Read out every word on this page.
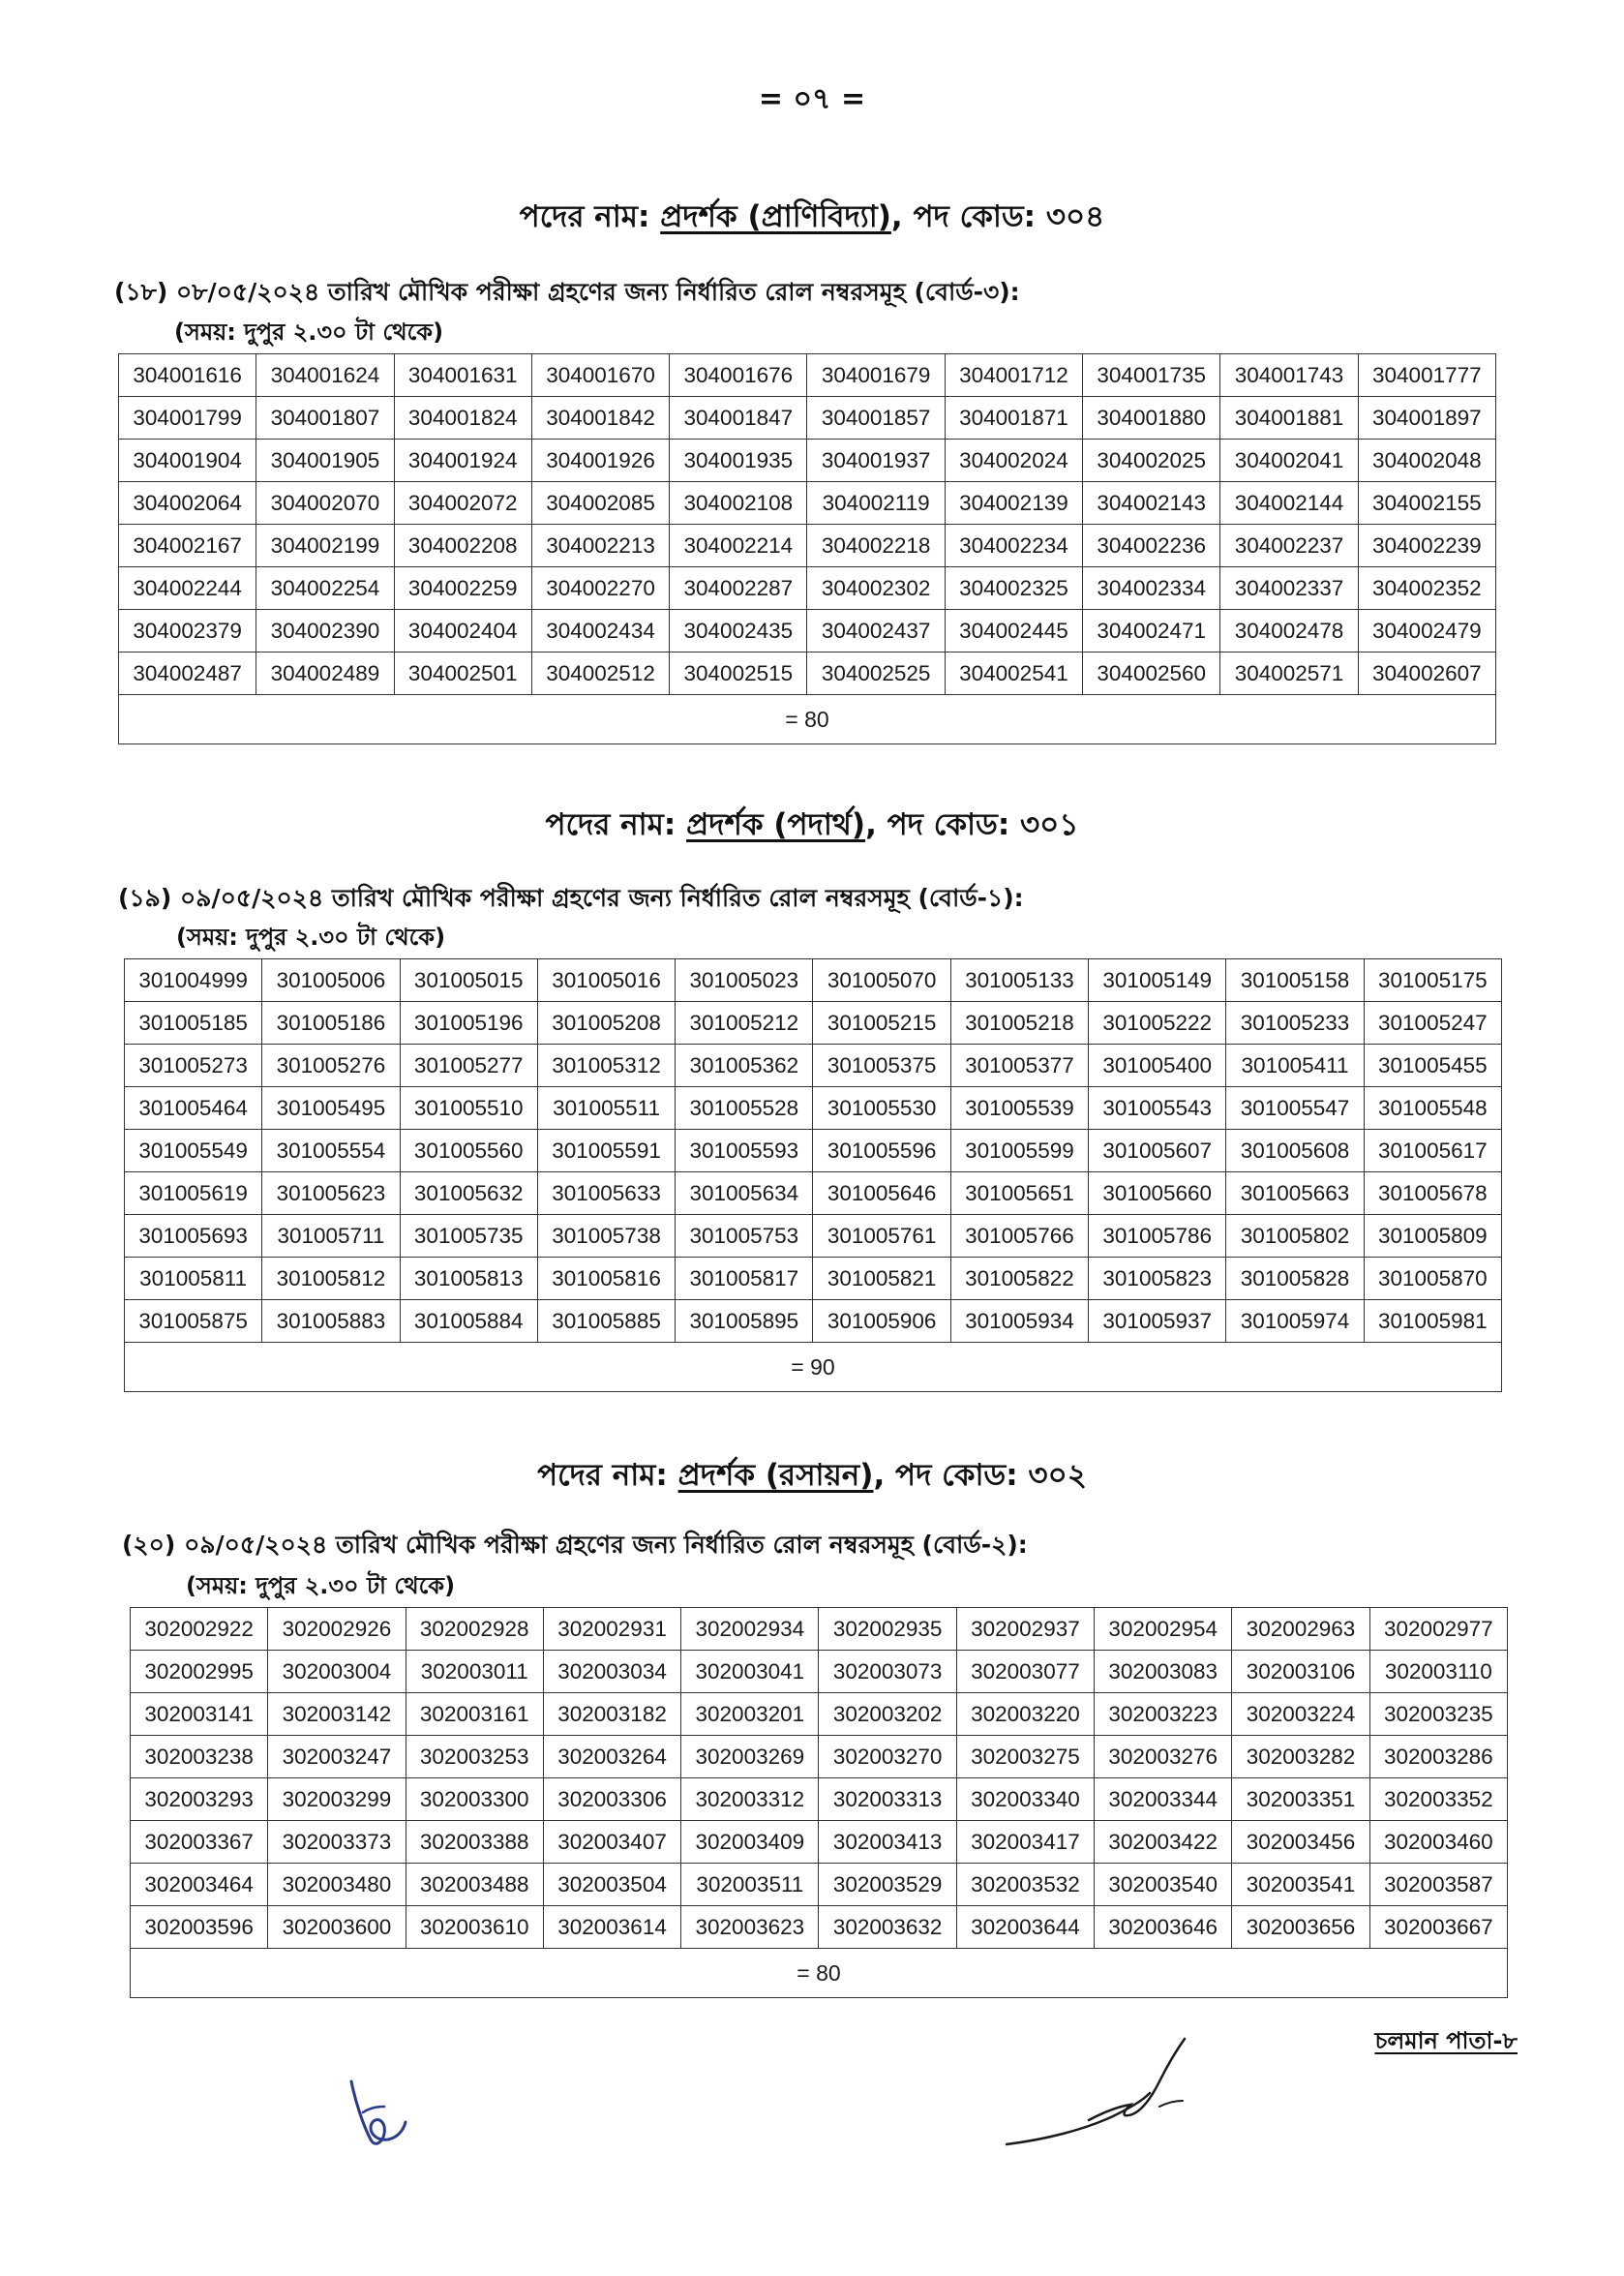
= ০৭ =
পদের নাম: প্রদর্শক (প্রাণিবিদ্যা), পদ কোড: ৩০৪
(১৮) ০৮/০৫/২০২৪ তারিখ মৌখিক পরীক্ষা গ্রহণের জন্য নির্ধারিত রোল নম্বরসমূহ (বোর্ড-৩):
(সময়: দুপুর ২.৩০ টা থেকে)
304001616	304001624	304001631	304001670	304001676	304001679	304001712	304001735	304001743	304001777
304001799	304001807	304001824	304001842	304001847	304001857	304001871	304001880	304001881	304001897
304001904	304001905	304001924	304001926	304001935	304001937	304002024	304002025	304002041	304002048
304002064	304002070	304002072	304002085	304002108	304002119	304002139	304002143	304002144	304002155
304002167	304002199	304002208	304002213	304002214	304002218	304002234	304002236	304002237	304002239
304002244	304002254	304002259	304002270	304002287	304002302	304002325	304002334	304002337	304002352
304002379	304002390	304002404	304002434	304002435	304002437	304002445	304002471	304002478	304002479
304002487	304002489	304002501	304002512	304002515	304002525	304002541	304002560	304002571	304002607
= 80									
পদের নাম: প্রদর্শক (পদার্থ), পদ কোড: ৩০১
(১৯) ০৯/০৫/২০২৪ তারিখ মৌখিক পরীক্ষা গ্রহণের জন্য নির্ধারিত রোল নম্বরসমূহ (বোর্ড-১):
(সময়: দুপুর ২.৩০ টা থেকে)
301004999	301005006	301005015	301005016	301005023	301005070	301005133	301005149	301005158	301005175
301005185	301005186	301005196	301005208	301005212	301005215	301005218	301005222	301005233	301005247
301005273	301005276	301005277	301005312	301005362	301005375	301005377	301005400	301005411	301005455
301005464	301005495	301005510	301005511	301005528	301005530	301005539	301005543	301005547	301005548
301005549	301005554	301005560	301005591	301005593	301005596	301005599	301005607	301005608	301005617
301005619	301005623	301005632	301005633	301005634	301005646	301005651	301005660	301005663	301005678
301005693	301005711	301005735	301005738	301005753	301005761	301005766	301005786	301005802	301005809
301005811	301005812	301005813	301005816	301005817	301005821	301005822	301005823	301005828	301005870
301005875	301005883	301005884	301005885	301005895	301005906	301005934	301005937	301005974	301005981
= 90									
পদের নাম: প্রদর্শক (রসায়ন), পদ কোড: ৩০২
(২০) ০৯/০৫/২০২৪ তারিখ মৌখিক পরীক্ষা গ্রহণের জন্য নির্ধারিত রোল নম্বরসমূহ (বোর্ড-২):
(সময়: দুপুর ২.৩০ টা থেকে)
302002922	302002926	302002928	302002931	302002934	302002935	302002937	302002954	302002963	302002977
302002995	302003004	302003011	302003034	302003041	302003073	302003077	302003083	302003106	302003110
302003141	302003142	302003161	302003182	302003201	302003202	302003220	302003223	302003224	302003235
302003238	302003247	302003253	302003264	302003269	302003270	302003275	302003276	302003282	302003286
302003293	302003299	302003300	302003306	302003312	302003313	302003340	302003344	302003351	302003352
302003367	302003373	302003388	302003407	302003409	302003413	302003417	302003422	302003456	302003460
302003464	302003480	302003488	302003504	302003511	302003529	302003532	302003540	302003541	302003587
302003596	302003600	302003610	302003614	302003623	302003632	302003644	302003646	302003656	302003667
= 80									
চলমান পাতা-৮
